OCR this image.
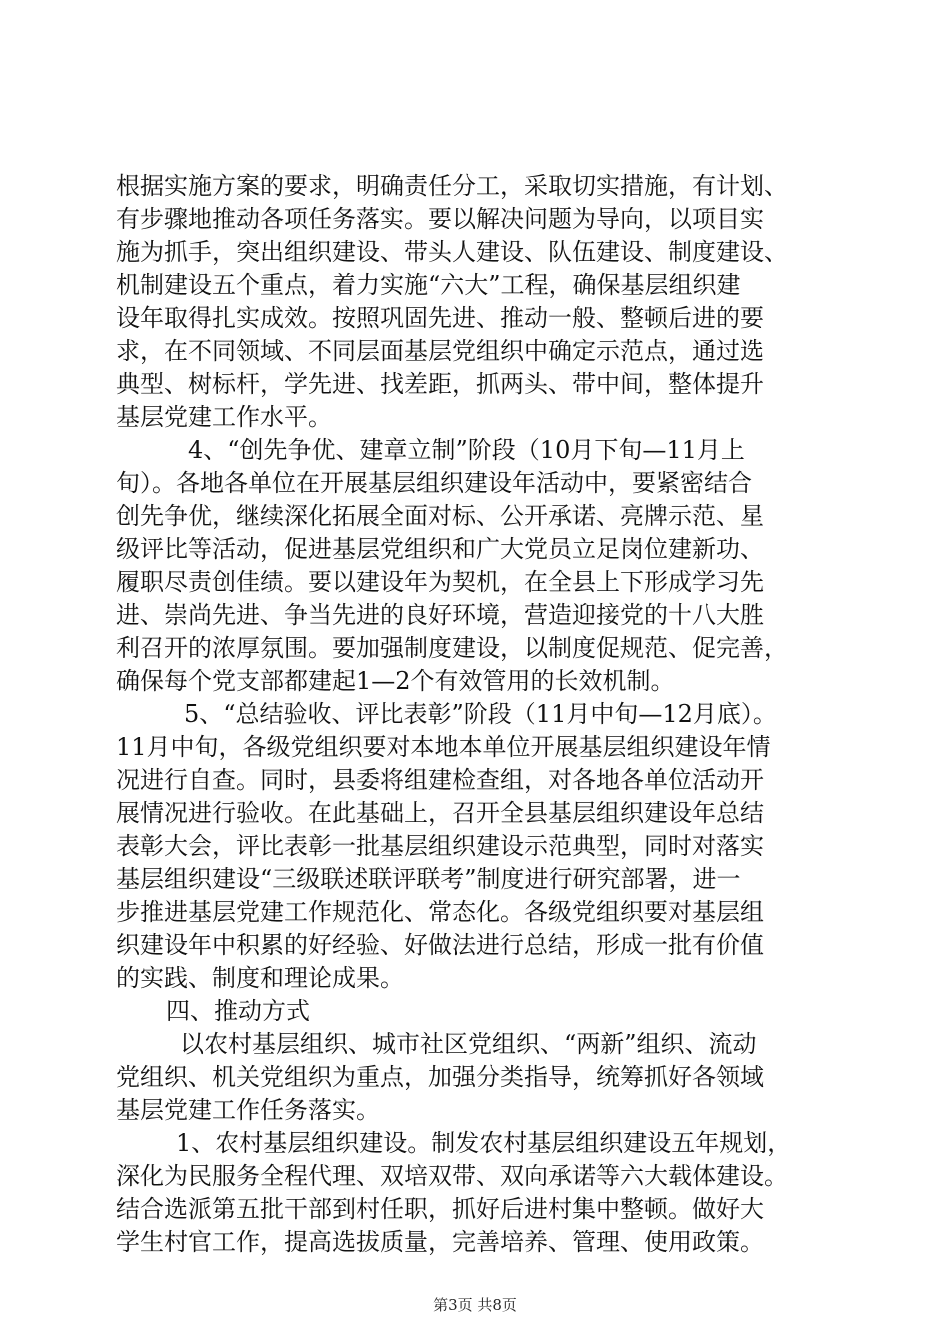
根据实施方案的要求，明确责任分工，采取切实措施，有计划、
有步骤地推动各项任务落实。要以解决问题为导向，以项目实
施为抓手，突出组织建设、带头人建设、队伍建设、制度建设、
机制建设五个重点，着力实施“六大”工程，确保基层组织建
设年取得扎实成效。按照巩固先进、推动一般、整顿后进的要
求，在不同领域、不同层面基层党组织中确定示范点，通过选
典型、树标杆，学先进、找差距，抓两头、带中间，整体提升
基层党建工作水平。
4、“创先争优、建章立制”阶段（10月下旬—11月上
旬）。各地各单位在开展基层组织建设年活动中，要紧密结合
创先争优，继续深化拓展全面对标、公开承诺、亮牌示范、星
级评比等活动，促进基层党组织和广大党员立足岗位建新功、
履职尽责创佳绩。要以建设年为契机，在全县上下形成学习先
进、崇尚先进、争当先进的良好环境，营造迎接党的十八大胜
利召开的浓厚氛围。要加强制度建设，以制度促规范、促完善，
确保每个党支部都建起1—2个有效管用的长效机制。
5、“总结验收、评比表彰”阶段（11月中旬—12月底）。
11月中旬，各级党组织要对本地本单位开展基层组织建设年情
况进行自查。同时，县委将组建检查组，对各地各单位活动开
展情况进行验收。在此基础上，召开全县基层组织建设年总结
表彰大会，评比表彰一批基层组织建设示范典型，同时对落实
基层组织建设“三级联述联评联考”制度进行研究部署，进一
步推进基层党建工作规范化、常态化。各级党组织要对基层组
织建设年中积累的好经验、好做法进行总结，形成一批有价值
的实践、制度和理论成果。
四、推动方式
以农村基层组织、城市社区党组织、“两新”组织、流动
党组织、机关党组织为重点，加强分类指导，统筹抓好各领域
基层党建工作任务落实。
1、农村基层组织建设。制发农村基层组织建设五年规划，
深化为民服务全程代理、双培双带、双向承诺等六大载体建设。
结合选派第五批干部到村任职，抓好后进村集中整顿。做好大
学生村官工作，提高选拔质量，完善培养、管理、使用政策。
第3页 共8页
